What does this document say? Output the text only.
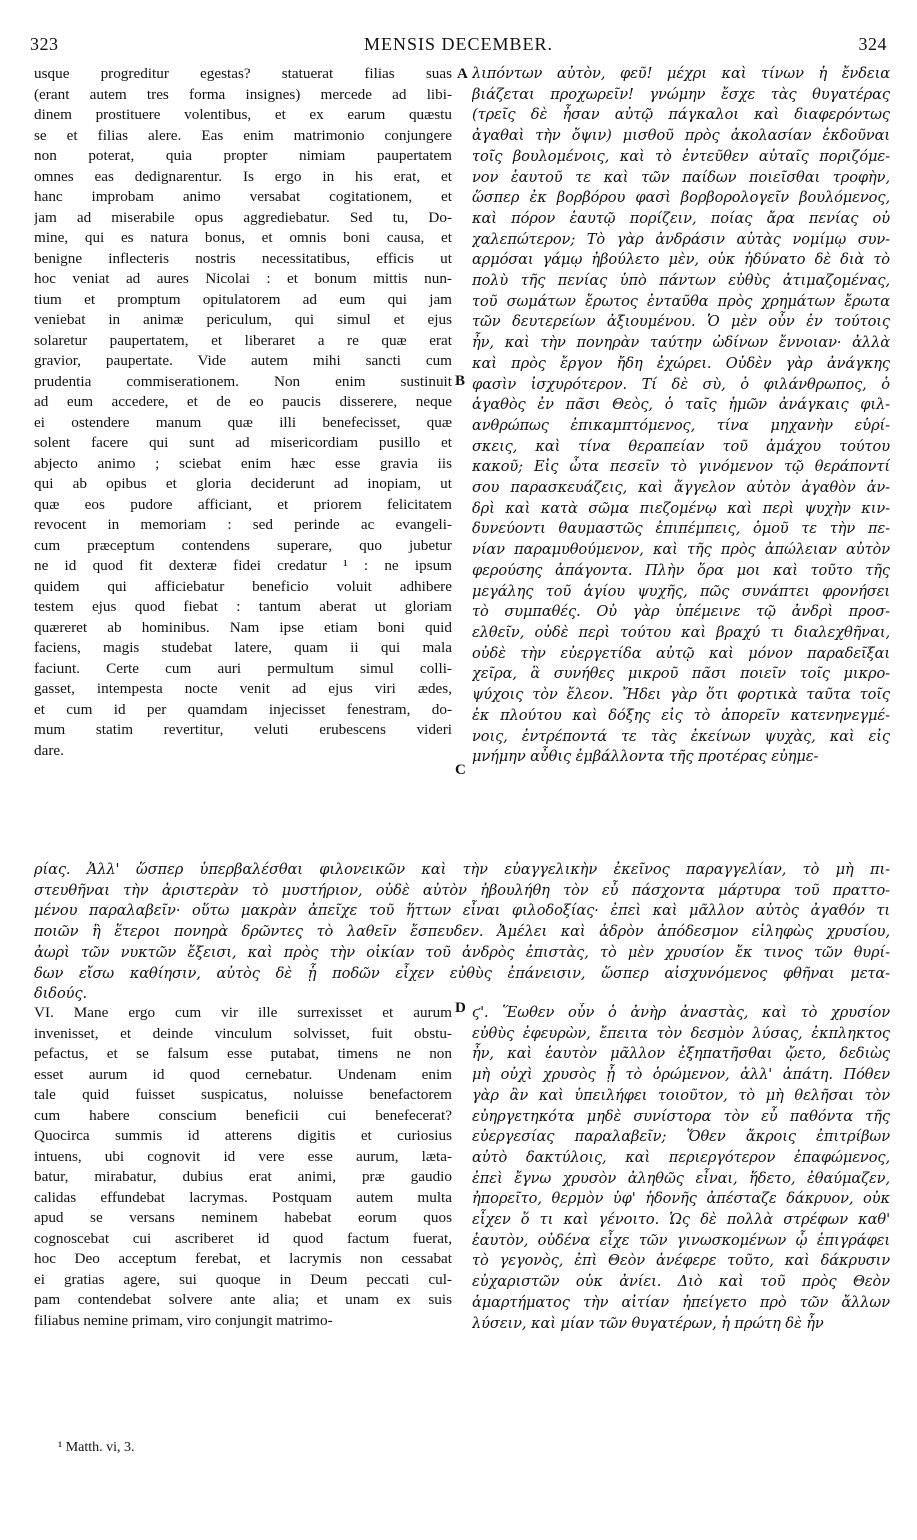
323	MENSIS DECEMBER.	324
usque progreditur egestas? statuerat filias suas
(erant autem tres forma insignes) mercede ad libi-
dinem prostituere volentibus, et ex earum quæstu
se et filias alere. Eas enim matrimonio conjungere
non poterat, quia propter nimiam paupertatem
omnes eas dedignarentur. Is ergo in his erat, et
hanc improbam animo versabat cogitationem, et
jam ad miserabile opus aggrediebatur. Sed tu, Do-
mine, qui es natura bonus, et omnis boni causa, et
benigne inflecteris nostris necessitatibus, efficis ut
hoc veniat ad aures Nicolai : et bonum mittis nun-
tium et promptum opitulatorem ad eum qui jam
veniebat in animæ periculum, qui simul et ejus
solaretur paupertatem, et liberaret a re quæ erat
gravior, paupertate. Vide autem mihi sancti cum
prudentia commiserationem. Non enim sustinuit
ad eum accedere, et de eo paucis disserere, neque
ei ostendere manum quæ illi benefecisset, quæ
solent facere qui sunt ad misericordiam pusillo et
abjecto animo ; sciebat enim hæc esse gravia iis
qui ab opibus et gloria deciderunt ad inopiam, ut
quæ eos pudore afficiant, et priorem felicitatem
revocent in memoriam : sed perinde ac evangeli-
cum præceptum contendens superare, quo jubetur
ne id quod fit dexteræ fidei credatur ¹ : ne ipsum
quidem qui afficiebatur beneficio voluit adhibere
testem ejus quod fiebat : tantum aberat ut gloriam
quæreret ab hominibus. Nam ipse etiam boni quid
faciens, magis studebat latere, quam ii qui mala
faciunt. Certe cum auri permultum simul colli-
gasset, intempesta nocte venit ad ejus viri ædes,
et cum id per quamdam injecisset fenestram, do-
mum statim revertitur, veluti erubescens videri
dare.
λιπόντων αὐτὸν, φεῦ! μέχρι καὶ τίνων ἡ ἔνδεια
βιάζεται προχωρεῖν! γνώμην ἔσχε τὰς θυγατέρας
(τρεῖς δὲ ἦσαν αὐτῷ πάγκαλοι καὶ διαφερόντως
ἀγαθαὶ τὴν ὄψιν) μισθοῦ πρὸς ἀκολασίαν ἐκδοῦναι
τοῖς βουλομένοις, καὶ τὸ ἐντεῦθεν αὐταῖς ποριζόμε-
νον ἑαυτοῦ τε καὶ τῶν παίδων ποιεῖσθαι τροφὴν,
ὥσπερ ἐκ βορβόρου φασὶ βορβορολογεῖν βουλόμενος,
καὶ πόρον ἑαυτῷ πορίζειν, ποίας ἄρα πενίας οὐ
χαλεπώτερον; Τὸ γὰρ ἀνδράσιν αὐτὰς νομίμῳ συν-
αρμόσαι γάμῳ ἠβούλετο μὲν, οὐκ ἠδύνατο δὲ διὰ τὸ
πολὺ τῆς πενίας ὑπὸ πάντων εὐθὺς ἀτιμαζομένας,
τοῦ σωμάτων ἔρωτος ἐνταῦθα πρὸς χρημάτων ἔρωτα
τῶν δευτερείων ἀξιουμένου. Ὁ μὲν οὖν ἐν τούτοις
ἦν, καὶ τὴν πονηρὰν ταύτην ὠδίνων ἔννοιαν· ἀλλὰ
καὶ πρὸς ἔργον ἤδη ἐχώρει. Οὐδὲν γὰρ ἀνάγκης
φασὶν ἰσχυρότερον. Τί δὲ σὺ, ὁ φιλάνθρωπος, ὁ
ἀγαθὸς ἐν πᾶσι Θεὸς, ὁ ταῖς ἡμῶν ἀνάγκαις φιλ-
ανθρώπως ἐπικαμπτόμενος, τίνα μηχανὴν εὑρί-
σκεις, καὶ τίνα θεραπείαν τοῦ ἀμάχου τούτου
κακοῦ; Εἰς ὦτα πεσεῖν τὸ γινόμενον τῷ θεράποντί
σου παρασκευάζεις, καὶ ἄγγελον αὐτὸν ἀγαθὸν ἀν-
δρὶ καὶ κατὰ σῶμα πιεζομένῳ καὶ περὶ ψυχὴν κιν-
δυνεύοντι θαυμαστῶς ἐπιπέμπεις, ὁμοῦ τε τὴν πε-
νίαν παραμυθούμενον, καὶ τῆς πρὸς ἀπώλειαν αὐτὸν
φερούσης ἀπάγοντα. Πλὴν ὅρα μοι καὶ τοῦτο τῆς
μεγάλης τοῦ ἁγίου ψυχῆς, πῶς συνάπτει φρονήσει
τὸ συμπαθές. Οὐ γὰρ ὑπέμεινε τῷ ἀνδρὶ προσ-
ελθεῖν, οὐδὲ περὶ τούτου καὶ βραχύ τι διαλεχθῆναι,
οὐδὲ τὴν εὐεργετίδα αὐτῷ καὶ μόνον παραδεῖξαι
χεῖρα, ἃ συνήθες μικροῦ πᾶσι ποιεῖν τοῖς μικρο-
ψύχοις τὸν ἔλεον. Ἤδει γὰρ ὅτι φορτικὰ ταῦτα τοῖς
ἐκ πλούτου καὶ δόξης εἰς τὸ ἀπορεῖν κατενηνεγμέ-
νοις, ἐντρέποντά τε τὰς ἐκείνων ψυχὰς, καὶ εἰς
μνήμην αὖθις ἐμβάλλοντα τῆς προτέρας εὐημε-
A
B
C
D
ρίας. Ἀλλ' ὥσπερ ὑπερβαλέσθαι φιλονεικῶν καὶ τὴν εὐαγγελικὴν ἐκεῖνος παραγγελίαν, τὸ μὴ πι-
στευθῆναι τὴν ἀριστερὰν τὸ μυστήριον, οὐδὲ αὐτὸν ἠβουλήθη τὸν εὖ πάσχοντα μάρτυρα τοῦ πραττο-
μένου παραλαβεῖν· οὕτω μακρὰν ἀπεῖχε τοῦ ἥττων εἶναι φιλοδοξίας· ἐπεὶ καὶ μᾶλλον αὐτὸς ἀγαθόν τι
ποιῶν ἢ ἕτεροι πονηρὰ δρῶντες τὸ λαθεῖν ἔσπευδεν. Ἀμέλει καὶ ἁδρὸν ἀπόδεσμον εἰληφὼς χρυσίου,
ἀωρὶ τῶν νυκτῶν ἔξεισι, καὶ πρὸς τὴν οἰκίαν τοῦ ἀνδρὸς ἐπιστὰς, τὸ μὲν χρυσίον ἔκ τινος τῶν θυρί-
δων εἴσω καθίησιν, αὐτὸς δὲ ᾗ ποδῶν εἶχεν εὐθὺς ἐπάνεισιν, ὥσπερ αἰσχυνόμενος φθῆναι μετα-
διδούς.
VI. Mane ergo cum vir ille surrexisset et aurum
invenisset, et deinde vinculum solvisset, fuit obstu-
pefactus, et se falsum esse putabat, timens ne non
esset aurum id quod cernebatur. Undenam enim
tale quid fuisset suspicatus, noluisse benefactorem
cum habere conscium beneficii cui benefecerat?
Quocirca summis id atterens digitis et curiosius
intuens, ubi cognovit id vere esse aurum, læta-
batur, mirabatur, dubius erat animi, præ gaudio
calidas effundebat lacrymas. Postquam autem multa
apud se versans neminem habebat eorum quos
cognoscebat cui ascriberet id quod factum fuerat,
hoc Deo acceptum ferebat, et lacrymis non cessabat
ei gratias agere, sui quoque in Deum peccati cul-
pam contendebat solvere ante alia; et unam ex suis
filiabus nemine primam, viro conjungit matrimo-
ϛ'. Ἕωθεν οὖν ὁ ἀνὴρ ἀναστὰς, καὶ τὸ χρυσίον
εὐθὺς ἐφευρὼν, ἔπειτα τὸν δεσμὸν λύσας, ἐκπληκτος
ἦν, καὶ ἑαυτὸν μᾶλλον ἐξηπατῆσθαι ᾤετο, δεδιὼς
μὴ οὐχὶ χρυσὸς ᾖ τὸ ὁρώμενον, ἀλλ' ἀπάτη. Πόθεν
γὰρ ἂν καὶ ὑπειλήφει τοιοῦτον, τὸ μὴ θελῆσαι τὸν
εὐηργετηκότα μηδὲ συνίστορα τὸν εὖ παθόντα τῆς
εὐεργεσίας παραλαβεῖν; Ὅθεν ἄκροις ἐπιτρίβων
αὐτὸ δακτύλοις, καὶ περιεργότερον ἐπαφώμενος,
ἐπεὶ ἔγνω χρυσὸν ἀληθῶς εἶναι, ἥδετο, ἐθαύμαζεν,
ἠπορεῖτο, θερμὸν ὑφ' ἡδονῆς ἀπέσταζε δάκρυον, οὐκ
εἶχεν ὅ τι καὶ γένοιτο. Ὡς δὲ πολλὰ στρέφων καθ'
ἑαυτὸν, οὐδένα εἶχε τῶν γινωσκομένων ᾧ ἐπιγράφει
τὸ γεγονὸς, ἐπὶ Θεὸν ἀνέφερε τοῦτο, καὶ δάκρυσιν
εὐχαριστῶν οὐκ ἀνίει. Διὸ καὶ τοῦ πρὸς Θεὸν
ἁμαρτήματος τὴν αἰτίαν ἠπείγετο πρὸ τῶν ἄλλων
λύσειν, καὶ μίαν τῶν θυγατέρων, ἡ πρώτη δὲ ἦν
¹ Matth. vi, 3.
